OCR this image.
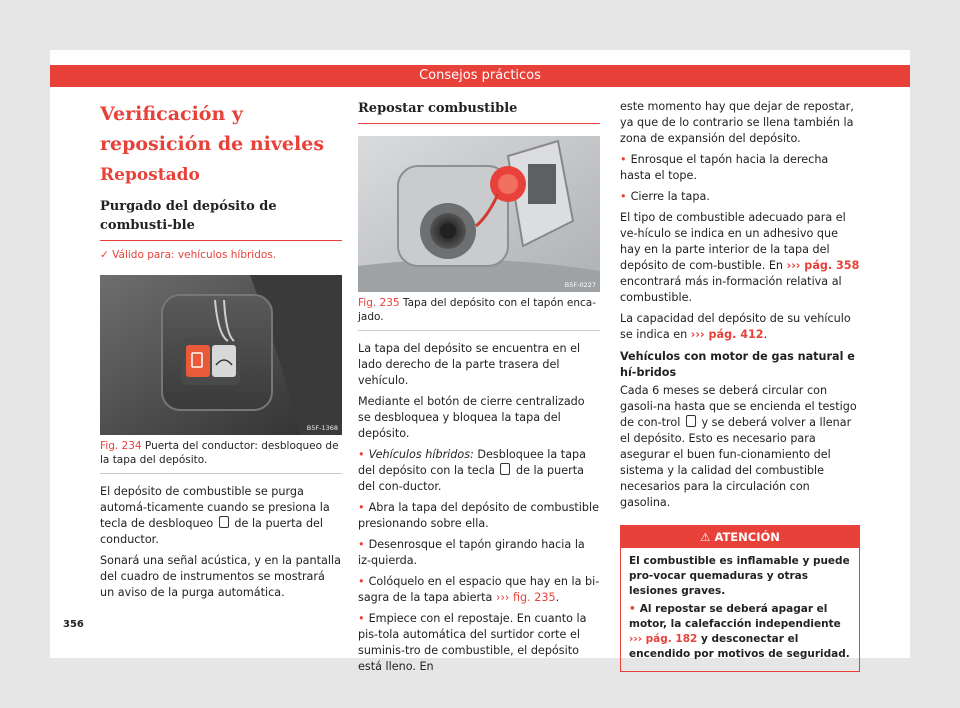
Consejos prácticos
Verificación y reposición de niveles
Repostado
Purgado del depósito de combusti-ble
✓ Válido para: vehículos híbridos.
B5F-1368
Fig. 234 Puerta del conductor: desbloqueo de la tapa del depósito.

El depósito de combustible se purga automá-ticamente cuando se presiona la tecla de desbloqueo de la puerta del conductor.

Sonará una señal acústica, y en la pantalla del cuadro de instrumentos se mostrará un aviso de la purga automática.

Repostar combustible
B5F-0227
Fig. 235 Tapa del depósito con el tapón enca-jado.

La tapa del depósito se encuentra en el lado derecho de la parte trasera del vehículo.

Mediante el botón de cierre centralizado se desbloquea y bloquea la tapa del depósito.

• Vehículos híbridos: Desbloquee la tapa del depósito con la tecla de la puerta del con-ductor.

• Abra la tapa del depósito de combustible presionando sobre ella.

• Desenrosque el tapón girando hacia la iz-quierda.

• Colóquelo en el espacio que hay en la bi-sagra de la tapa abierta ››› fig. 235.

• Empiece con el repostaje. En cuanto la pis-tola automática del surtidor corte el suminis-tro de combustible, el depósito está lleno. En

este momento hay que dejar de repostar, ya que de lo contrario se llena también la zona de expansión del depósito.

• Enrosque el tapón hacia la derecha hasta el tope.

• Cierre la tapa.

El tipo de combustible adecuado para el ve-hículo se indica en un adhesivo que hay en la parte interior de la tapa del depósito de com-bustible. En ››› pág. 358 encontrará más in-formación relativa al combustible.

La capacidad del depósito de su vehículo se indica en ››› pág. 412.

Vehículos con motor de gas natural e hí-bridos

Cada 6 meses se deberá circular con gasoli-na hasta que se encienda el testigo de con-trol y se deberá volver a llenar el depósito. Esto es necesario para asegurar el buen fun-cionamiento del sistema y la calidad del combustible necesarios para la circulación con gasolina.

⚠ ATENCIÓN

El combustible es inflamable y puede pro-vocar quemaduras y otras lesiones graves.

• Al repostar se deberá apagar el motor, la calefacción independiente ››› pág. 182 y desconectar el encendido por motivos de seguridad.

356
